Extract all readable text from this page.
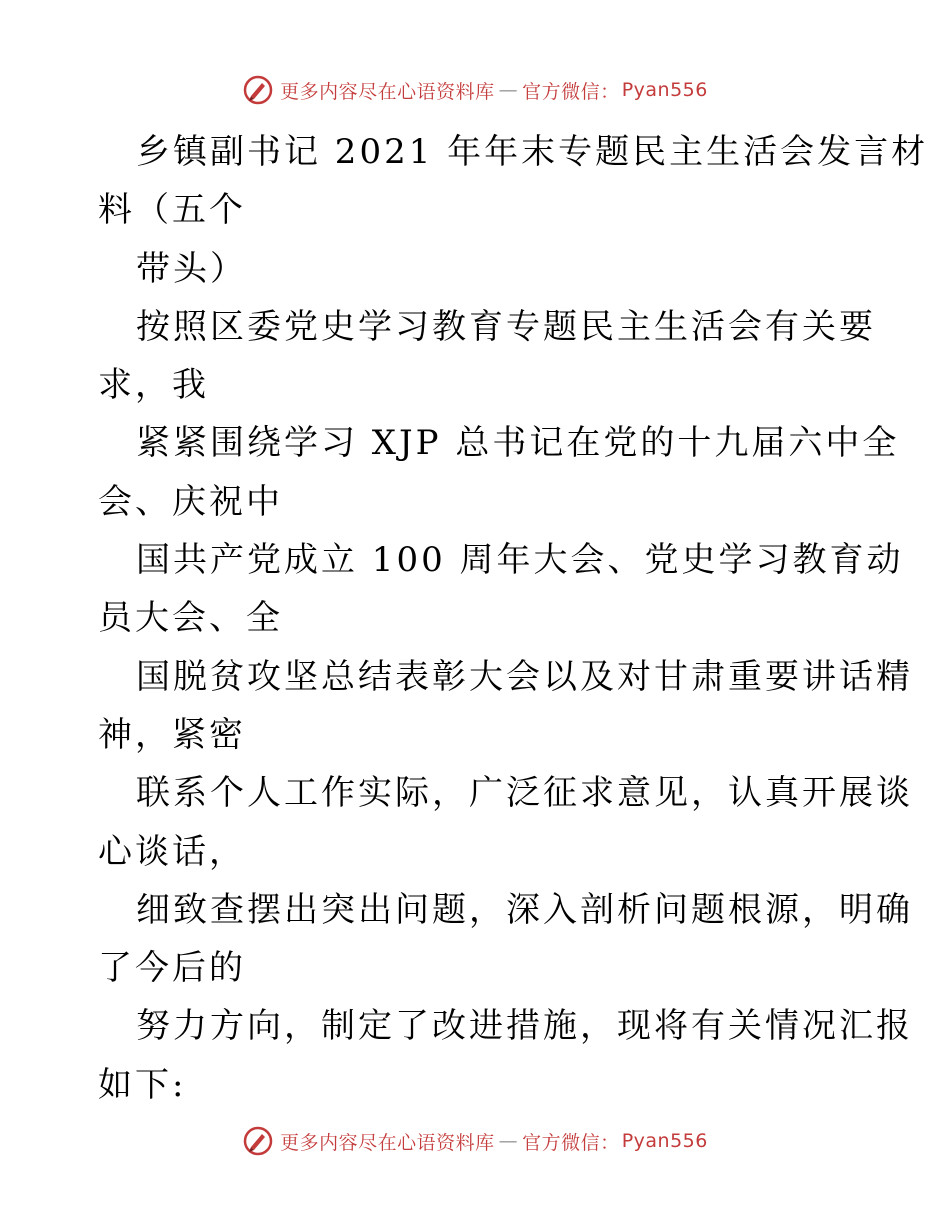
更多内容尽在心语资料库 — 官方微信： Pyan556
乡镇副书记 2021 年年末专题民主生活会发言材
料（五个
带头）
按照区委党史学习教育专题民主生活会有关要
求，我
紧紧围绕学习 XJP 总书记在党的十九届六中全
会、庆祝中
国共产党成立 100 周年大会、党史学习教育动
员大会、全
国脱贫攻坚总结表彰大会以及对甘肃重要讲话精
神，紧密
联系个人工作实际，广泛征求意见，认真开展谈
心谈话，
细致查摆出突出问题，深入剖析问题根源，明确
了今后的
努力方向，制定了改进措施，现将有关情况汇报
如下:
更多内容尽在心语资料库 — 官方微信： Pyan556
